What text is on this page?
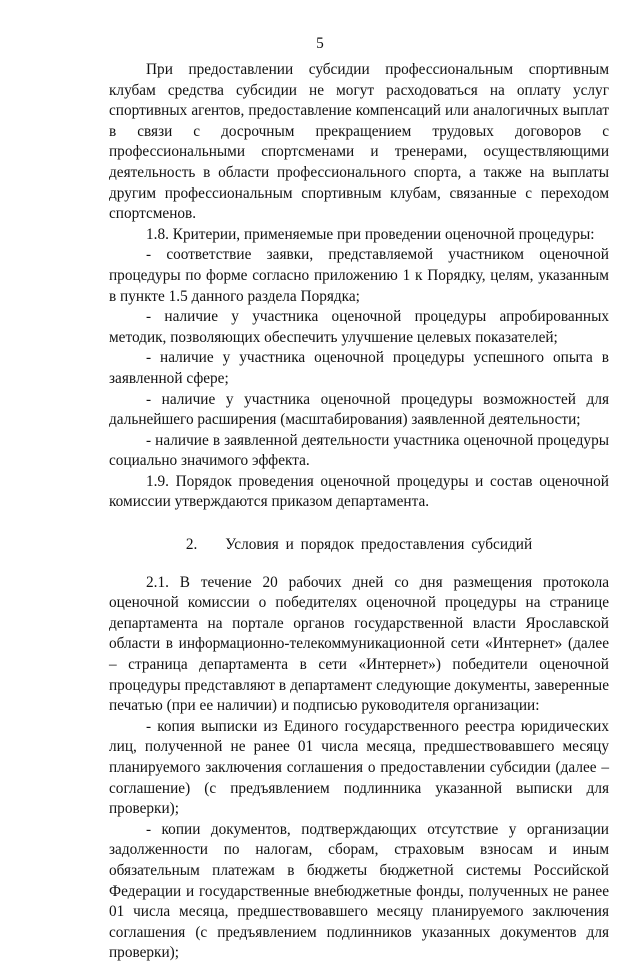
5

При предоставлении субсидии профессиональным спортивным клубам средства субсидии не могут расходоваться на оплату услуг спортивных агентов, предоставление компенсаций или аналогичных выплат в связи с досрочным прекращением трудовых договоров с профессиональными спортсменами и тренерами, осуществляющими деятельность в области профессионального спорта, а также на выплаты другим профессиональным спортивным клубам, связанные с переходом спортсменов.

1.8. Критерии, применяемые при проведении оценочной процедуры:

- соответствие заявки, представляемой участником оценочной процедуры по форме согласно приложению 1 к Порядку, целям, указанным в пункте 1.5 данного раздела Порядка;

- наличие у участника оценочной процедуры апробированных методик, позволяющих обеспечить улучшение целевых показателей;

- наличие у участника оценочной процедуры успешного опыта в заявленной сфере;

- наличие у участника оценочной процедуры возможностей для дальнейшего расширения (масштабирования) заявленной деятельности;

- наличие в заявленной деятельности участника оценочной процедуры социально значимого эффекта.

1.9. Порядок проведения оценочной процедуры и состав оценочной комиссии утверждаются приказом департамента.

2. Условия и порядок предоставления субсидий

2.1. В течение 20 рабочих дней со дня размещения протокола оценочной комиссии о победителях оценочной процедуры на странице департамента на портале органов государственной власти Ярославской области в информационно-телекоммуникационной сети «Интернет» (далее – страница департамента в сети «Интернет») победители оценочной процедуры представляют в департамент следующие документы, заверенные печатью (при ее наличии) и подписью руководителя организации:

- копия выписки из Единого государственного реестра юридических лиц, полученной не ранее 01 числа месяца, предшествовавшего месяцу планируемого заключения соглашения о предоставлении субсидии (далее – соглашение) (с предъявлением подлинника указанной выписки для проверки);

- копии документов, подтверждающих отсутствие у организации задолженности по налогам, сборам, страховым взносам и иным обязательным платежам в бюджеты бюджетной системы Российской Федерации и государственные внебюджетные фонды, полученных не ранее 01 числа месяца, предшествовавшего месяцу планируемого заключения соглашения (с предъявлением подлинников указанных документов для проверки);
